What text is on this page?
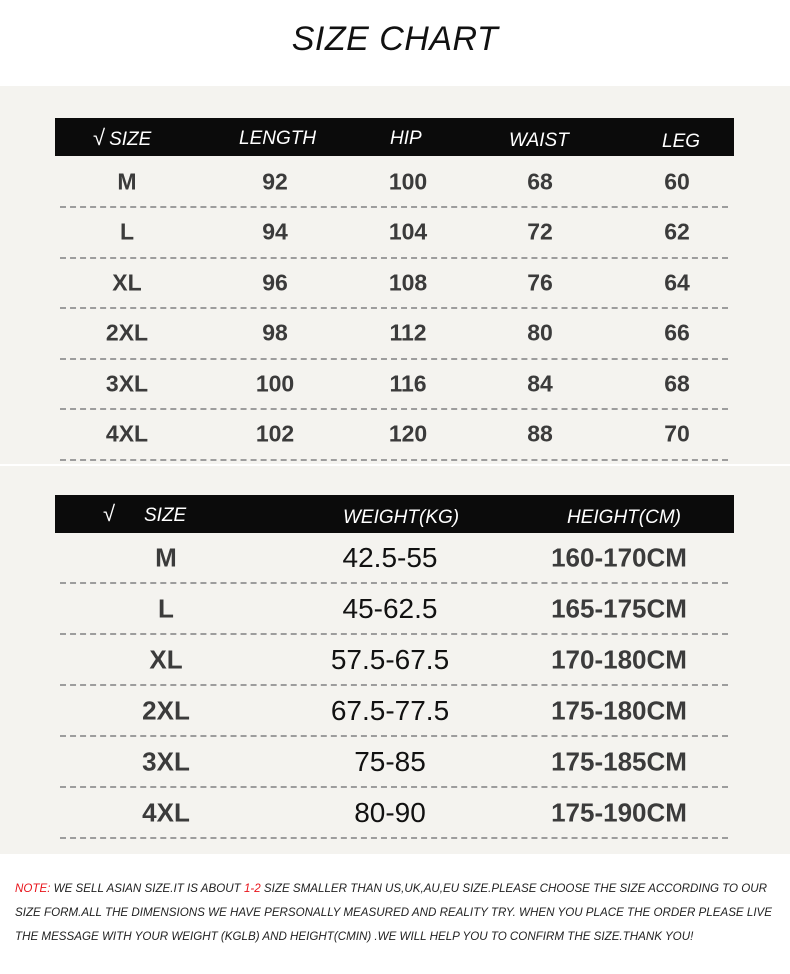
SIZE CHART
√ SIZE	LENGTH	HIP	WAIST	LEG
M	92	100	68	60
L	94	104	72	62
XL	96	108	76	64
2XL	98	112	80	66
3XL	100	116	84	68
4XL	102	120	88	70
√ SIZE	WEIGHT(KG)	HEIGHT(CM)
M	42.5-55	160-170CM
L	45-62.5	165-175CM
XL	57.5-67.5	170-180CM
2XL	67.5-77.5	175-180CM
3XL	75-85	175-185CM
4XL	80-90	175-190CM
NOTE: WE SELL ASIAN SIZE.IT IS ABOUT 1-2 SIZE SMALLER THAN US,UK,AU,EU SIZE.PLEASE CHOOSE THE SIZE ACCORDING TO OUR SIZE FORM.ALL THE DIMENSIONS WE HAVE PERSONALLY MEASURED AND REALITY TRY. WHEN YOU PLACE THE ORDER PLEASE LIVE THE MESSAGE WITH YOUR WEIGHT (KGLB) AND HEIGHT(CMIN) .WE WILL HELP YOU TO CONFIRM THE SIZE.THANK YOU!
